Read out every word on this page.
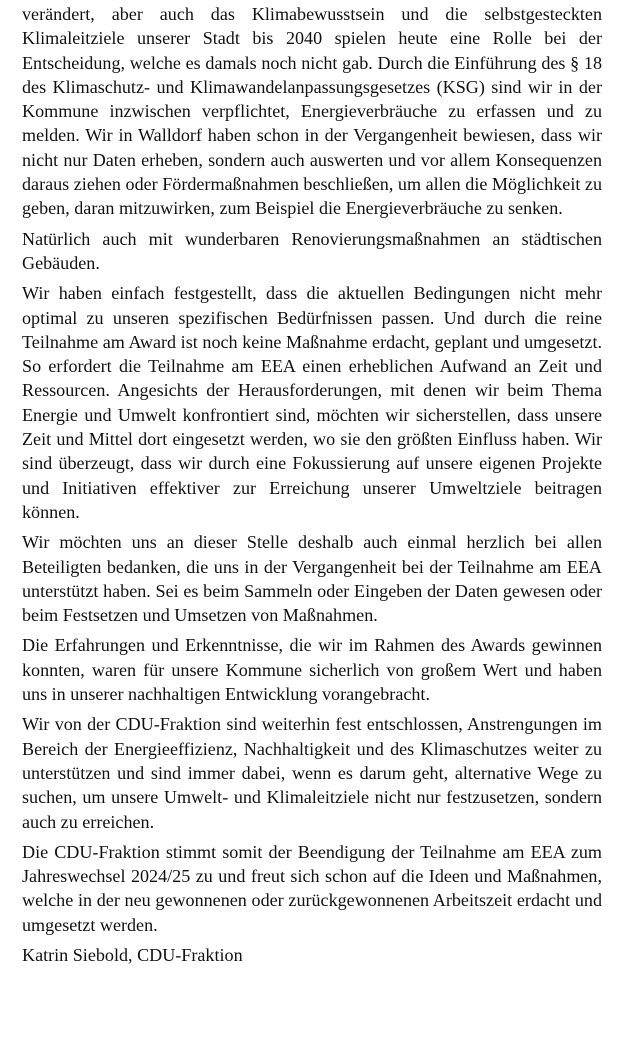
verändert, aber auch das Klimabewusstsein und die selbstgesteckten Klimaleitziele unserer Stadt bis 2040 spielen heute eine Rolle bei der Entscheidung, welche es damals noch nicht gab. Durch die Einführung des § 18 des Klimaschutz- und Klimawandelanpassungsgesetzes (KSG) sind wir in der Kommune inzwischen verpflichtet, Energieverbräuche zu erfassen und zu melden. Wir in Walldorf haben schon in der Vergangenheit bewiesen, dass wir nicht nur Daten erheben, sondern auch auswerten und vor allem Konsequenzen daraus ziehen oder Fördermaßnahmen beschließen, um allen die Möglichkeit zu geben, daran mitzuwirken, zum Beispiel die Energieverbräuche zu senken.

Natürlich auch mit wunderbaren Renovierungsmaßnahmen an städtischen Gebäuden.

Wir haben einfach festgestellt, dass die aktuellen Bedingungen nicht mehr optimal zu unseren spezifischen Bedürfnissen passen. Und durch die reine Teilnahme am Award ist noch keine Maßnahme erdacht, geplant und umgesetzt. So erfordert die Teilnahme am EEA einen erheblichen Aufwand an Zeit und Ressourcen. Angesichts der Herausforderungen, mit denen wir beim Thema Energie und Umwelt konfrontiert sind, möchten wir sicherstellen, dass unsere Zeit und Mittel dort eingesetzt werden, wo sie den größten Einfluss haben. Wir sind überzeugt, dass wir durch eine Fokussierung auf unsere eigenen Projekte und Initiativen effektiver zur Erreichung unserer Umweltziele beitragen können.

Wir möchten uns an dieser Stelle deshalb auch einmal herzlich bei allen Beteiligten bedanken, die uns in der Vergangenheit bei der Teilnahme am EEA unterstützt haben. Sei es beim Sammeln oder Eingeben der Daten gewesen oder beim Festsetzen und Umsetzen von Maßnahmen.

Die Erfahrungen und Erkenntnisse, die wir im Rahmen des Awards gewinnen konnten, waren für unsere Kommune sicherlich von großem Wert und haben uns in unserer nachhaltigen Entwicklung vorangebracht.

Wir von der CDU-Fraktion sind weiterhin fest entschlossen, Anstrengungen im Bereich der Energieeffizienz, Nachhaltigkeit und des Klimaschutzes weiter zu unterstützen und sind immer dabei, wenn es darum geht, alternative Wege zu suchen, um unsere Umwelt- und Klimaleitziele nicht nur festzusetzen, sondern auch zu erreichen.

Die CDU-Fraktion stimmt somit der Beendigung der Teilnahme am EEA zum Jahreswechsel 2024/25 zu und freut sich schon auf die Ideen und Maßnahmen, welche in der neu gewonnenen oder zurückgewonnenen Arbeitszeit erdacht und umgesetzt werden.

Katrin Siebold, CDU-Fraktion
